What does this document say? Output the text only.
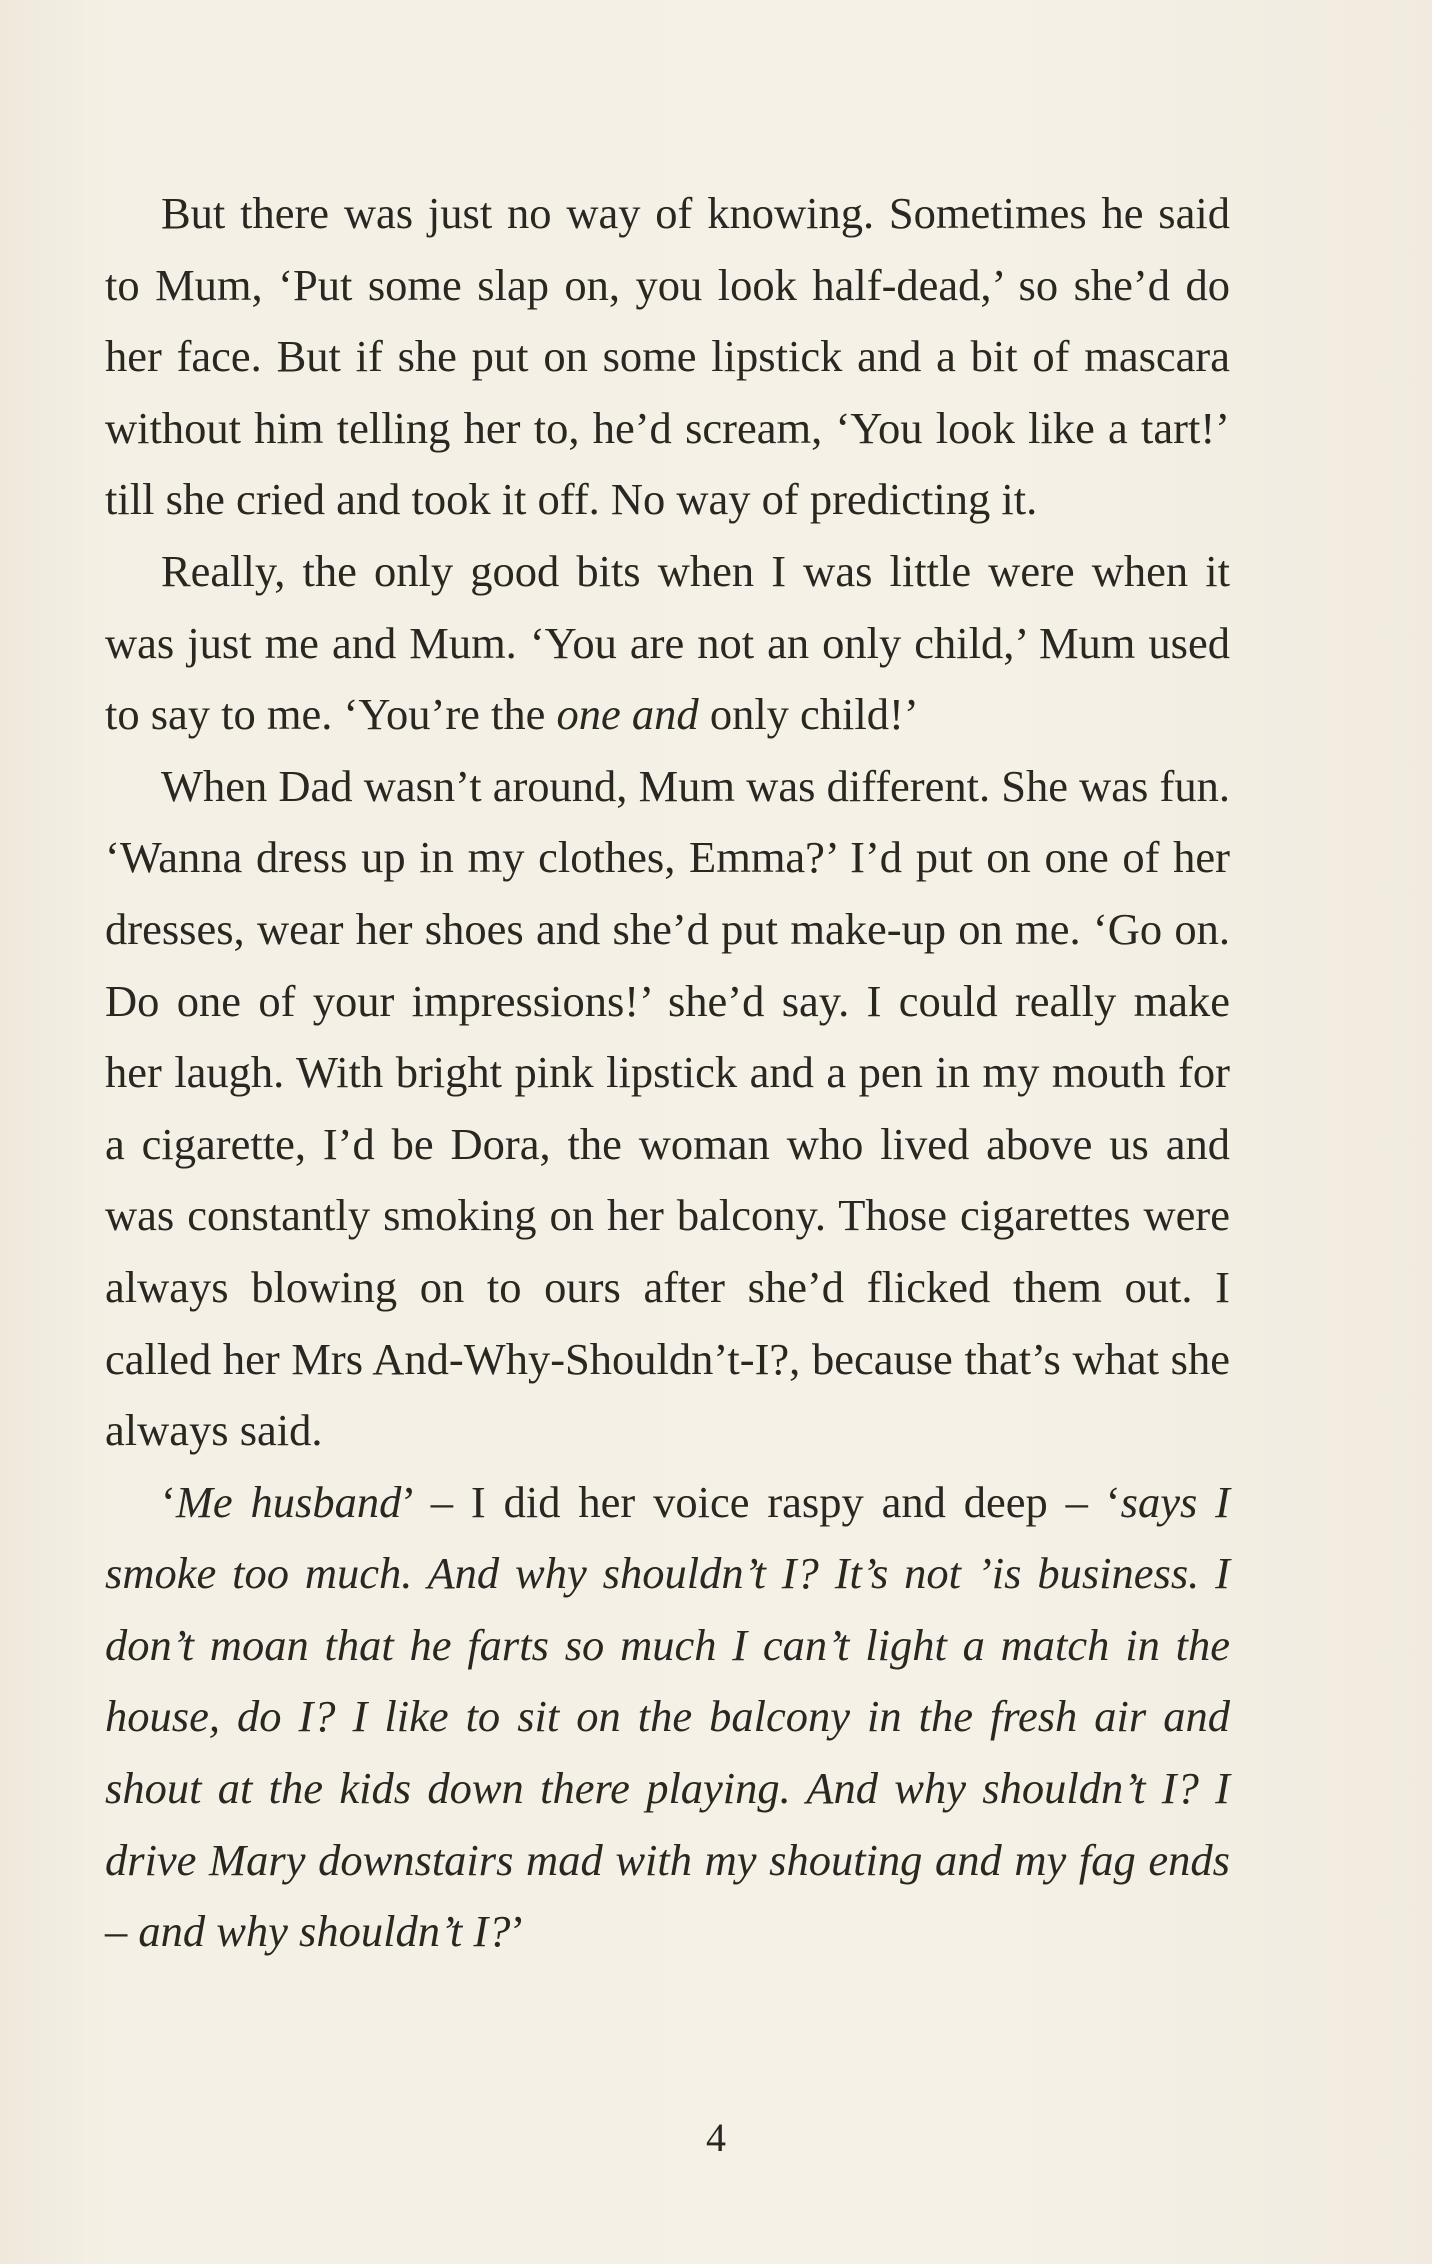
But there was just no way of knowing. Sometimes he said to Mum, ‘Put some slap on, you look half-dead,’ so she’d do her face. But if she put on some lipstick and a bit of mascara without him telling her to, he’d scream, ‘You look like a tart!’ till she cried and took it off. No way of predicting it.

Really, the only good bits when I was little were when it was just me and Mum. ‘You are not an only child,’ Mum used to say to me. ‘You’re the one and only child!’

When Dad wasn’t around, Mum was different. She was fun. ‘Wanna dress up in my clothes, Emma?’ I’d put on one of her dresses, wear her shoes and she’d put make-up on me. ‘Go on. Do one of your impressions!’ she’d say. I could really make her laugh. With bright pink lipstick and a pen in my mouth for a cigarette, I’d be Dora, the woman who lived above us and was constantly smoking on her balcony. Those cigarettes were always blowing on to ours after she’d flicked them out. I called her Mrs And-Why-Shouldn’t-I?, because that’s what she always said.

‘Me husband’ – I did her voice raspy and deep – ‘says I smoke too much. And why shouldn’t I? It’s not ’is business. I don’t moan that he farts so much I can’t light a match in the house, do I? I like to sit on the balcony in the fresh air and shout at the kids down there playing. And why shouldn’t I? I drive Mary downstairs mad with my shouting and my fag ends – and why shouldn’t I?’

4
